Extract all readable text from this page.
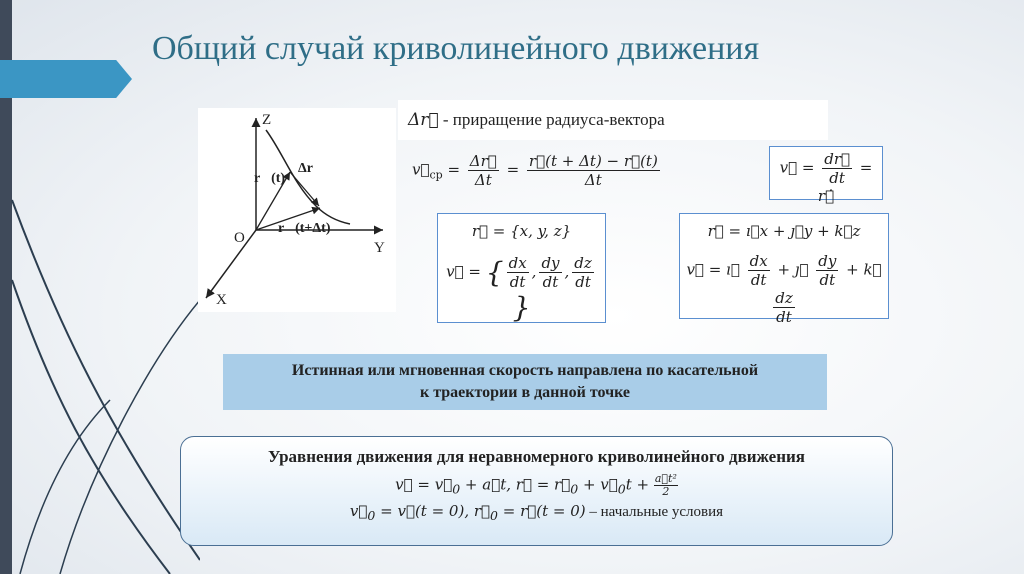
Общий случай криволинейного движения
Z
Y
X
O
r⃗(t)
Δr⃗
r⃗(t+Δt)
Δr⃗ - приращение радиуса-вектора
$v⃗_{ср} = \frac{\Delta r⃗}{\Delta t} = \frac{r⃗(t + \Delta t) - r⃗(t)}{\Delta t}$	v⃗ = $\frac{dr⃗}{dt}$ = r⃗̇
r⃗ = {x, y, z}
v⃗ = { $\frac{dx}{dt}$ , $\frac{dy}{dt}$ , $\frac{dz}{dt}$
}
r⃗ = ı⃗x + ȷ⃗y + k⃗z
v⃗ = ı⃗ $\frac{dx}{dt}$ + ȷ⃗ $\frac{dy}{dt}$ + k⃗
$\frac{dz}{dt}$
Истинная или мгновенная скорость направлена по касательной
к траектории в данной точке
Уравнения движения для неравномерного криволинейного движения
v⃗ = $v⃗_0$ + a⃗t, r⃗ = $r⃗_0$ + $v⃗_0t + \frac{\text{a⃗t²}}{2}$
$v⃗_0$ = v⃗(t = 0), $r⃗_0$ = r⃗(t = 0) – начальные условия
